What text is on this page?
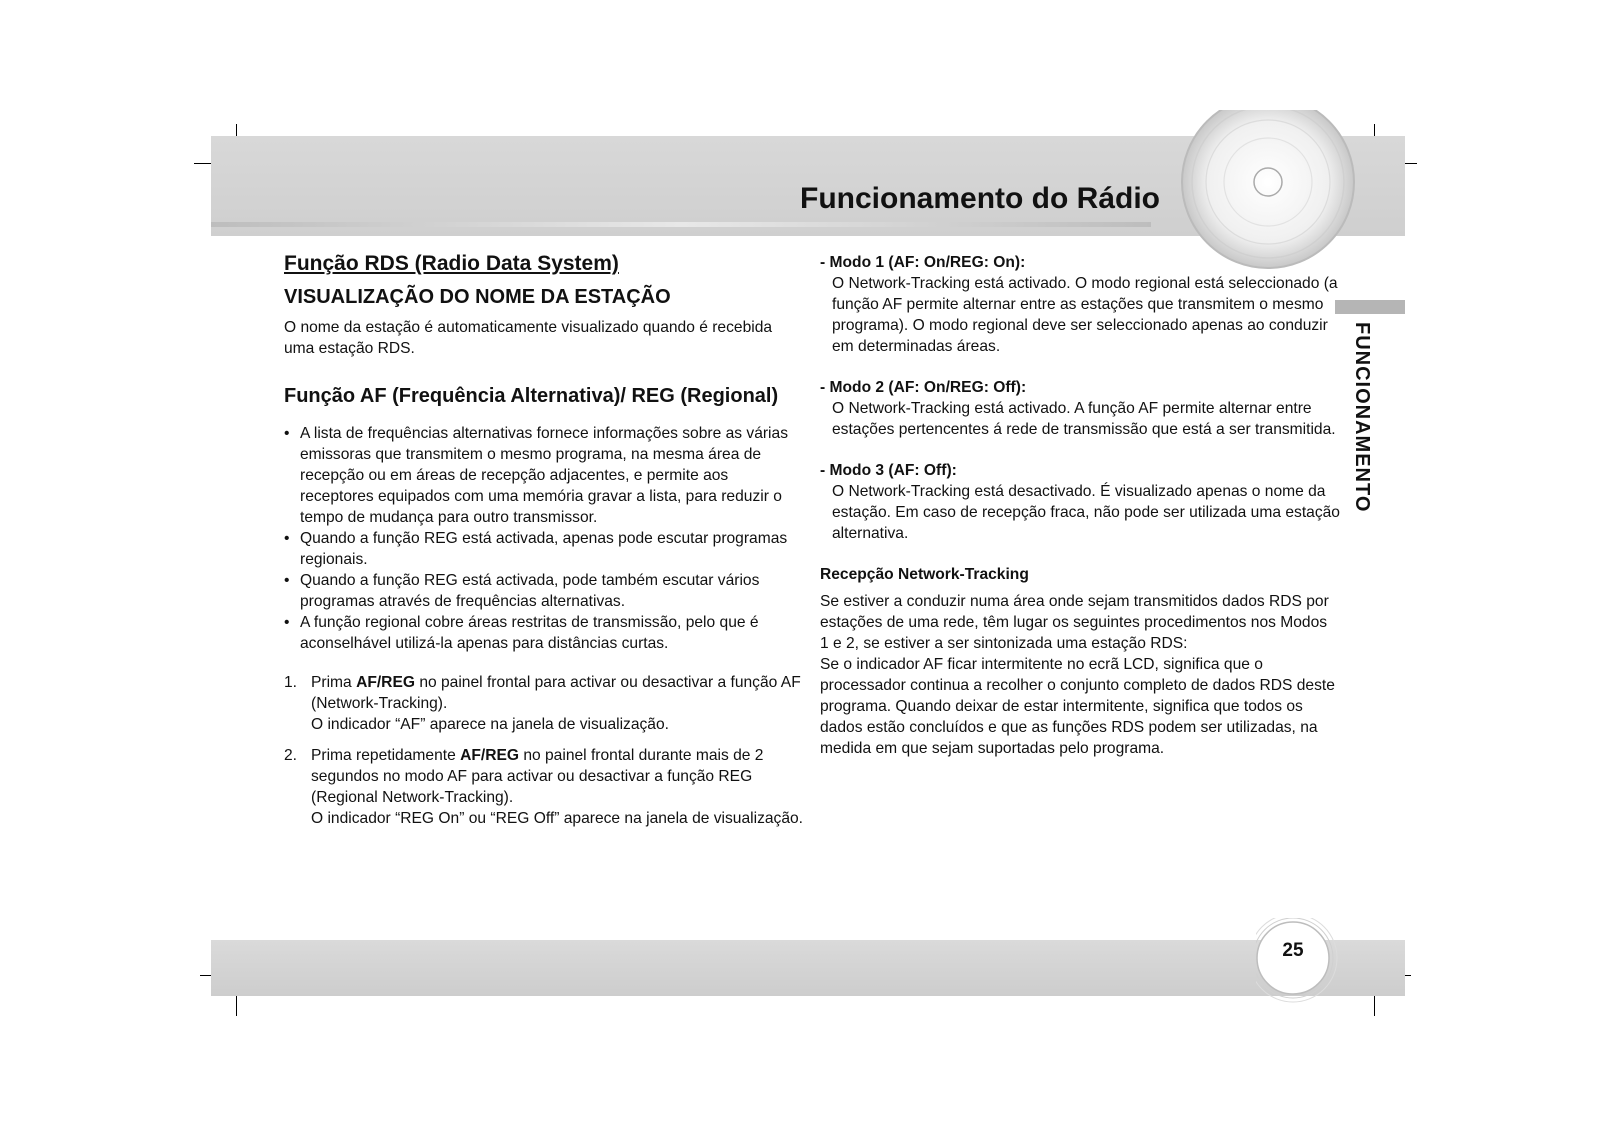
Funcionamento do Rádio
FUNCIONAMENTO
Função RDS (Radio Data System)
VISUALIZAÇÃO DO NOME DA ESTAÇÃO

O nome da estação é automaticamente visualizado quando é recebida uma estação RDS.

Função AF (Frequência Alternativa)/ REG (Regional)
• A lista de frequências alternativas fornece informações sobre as várias emissoras que transmitem o mesmo programa, na mesma área de recepção ou em áreas de recepção adjacentes, e permite aos receptores equipados com uma memória gravar a lista, para reduzir o tempo de mudança para outro transmissor.
• Quando a função REG está activada, apenas pode escutar programas regionais.
• Quando a função REG está activada, pode também escutar vários programas através de frequências alternativas.
• A função regional cobre áreas restritas de transmissão, pelo que é aconselhável utilizá-la apenas para distâncias curtas.
1. Prima AF/REG no painel frontal para activar ou desactivar a função AF (Network-Tracking).
O indicador “AF” aparece na janela de visualização.
2. Prima repetidamente AF/REG no painel frontal durante mais de 2 segundos no modo AF para activar ou desactivar a função REG (Regional Network-Tracking).
O indicador “REG On” ou “REG Off” aparece na janela de visualização.
- Modo 1 (AF: On/REG: On):
O Network-Tracking está activado. O modo regional está seleccionado (a função AF permite alternar entre as estações que transmitem o mesmo programa). O modo regional deve ser seleccionado apenas ao conduzir em determinadas áreas.
- Modo 2 (AF: On/REG: Off):
O Network-Tracking está activado. A função AF permite alternar entre estações pertencentes á rede de transmissão que está a ser transmitida.
- Modo 3 (AF: Off):
O Network-Tracking está desactivado. É visualizado apenas o nome da estação. Em caso de recepção fraca, não pode ser utilizada uma estação alternativa.
Recepção Network-Tracking

Se estiver a conduzir numa área onde sejam transmitidos dados RDS por estações de uma rede, têm lugar os seguintes procedimentos nos Modos 1 e 2, se estiver a ser sintonizada uma estação RDS:

Se o indicador AF ficar intermitente no ecrã LCD, significa que o processador continua a recolher o conjunto completo de dados RDS deste programa. Quando deixar de estar intermitente, significa que todos os dados estão concluídos e que as funções RDS podem ser utilizadas, na medida em que sejam suportadas pelo programa.

25
